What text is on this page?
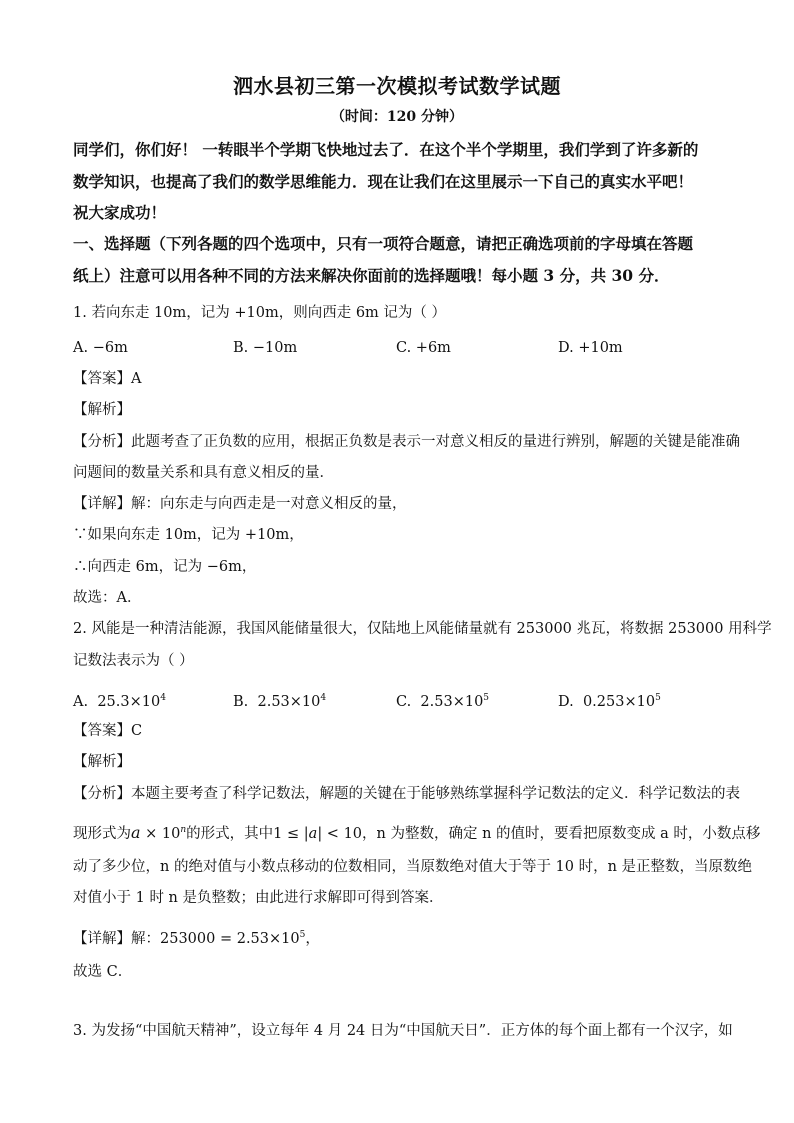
泗水县初三第一次模拟考试数学试题
（时间：120 分钟）
同学们，你们好！ 一转眼半个学期飞快地过去了．在这个半个学期里，我们学到了许多新的
数学知识，也提高了我们的数学思维能力．现在让我们在这里展示一下自己的真实水平吧！
祝大家成功！
一、选择题（下列各题的四个选项中，只有一项符合题意，请把正确选项前的字母填在答题
纸上）注意可以用各种不同的方法来解决你面前的选择题哦！每小题 3 分，共 30 分．
1. 若向东走 10m，记为 +10m，则向西走 6m 记为（ ）
A. −6m	B. −10m	C. +6m	D. +10m
【答案】A
【解析】
【分析】此题考查了正负数的应用，根据正负数是表示一对意义相反的量进行辨别，解题的关键是能准确
问题间的数量关系和具有意义相反的量．
【详解】解：向东走与向西走是一对意义相反的量，
∵如果向东走 10m，记为 +10m，
∴向西走 6m，记为 −6m，
故选：A．
2. 风能是一种清洁能源，我国风能储量很大，仅陆地上风能储量就有 253000 兆瓦，将数据 253000 用科学
记数法表示为（ ）
A. $25.3\times 10^4$	B. $2.53\times 10^4$	C. $2.53\times 10^5$	D. $0.253\times 10^5$
【答案】C
【解析】
【分析】本题主要考查了科学记数法，解题的关键在于能够熟练掌握科学记数法的定义．科学记数法的表
现形式为$a \times 10^n$的形式，其中1 ≤ |a| < 10，n 为整数，确定 n 的值时，要看把原数变成 a 时，小数点移
动了多少位，n 的绝对值与小数点移动的位数相同，当原数绝对值大于等于 10 时，n 是正整数，当原数绝
对值小于 1 时 n 是负整数；由此进行求解即可得到答案．
【详解】解：$253000 = 2.53\times 10^5$，
故选 C．
3. 为发扬“中国航天精神”，设立每年 4 月 24 日为“中国航天日”．正方体的每个面上都有一个汉字，如
